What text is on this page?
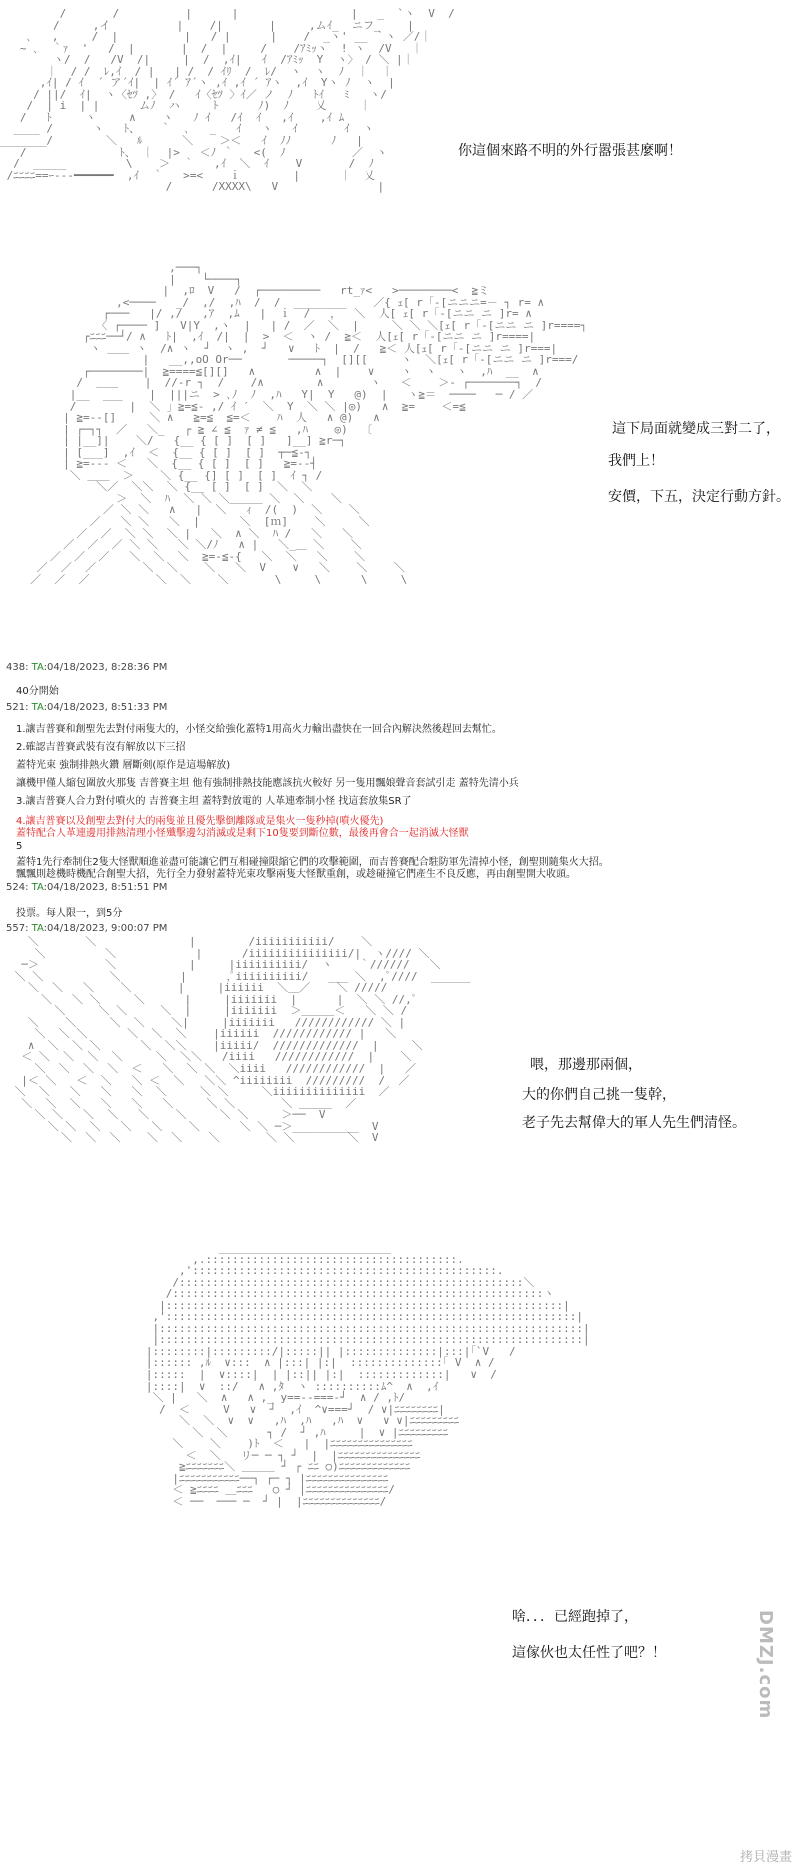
/       /          |      |                 |   _  `ヽ  V  /
/     ,イ          |    /|       |     ,ムｲ_  ニフ_    |
､   ,     /  |          |   / |      |    /  _ヽ' __ ｀ヽ ／/｜
~ ､  ｀ｧ  '   /  |       |  /  |     /    /ｱﾐｯヽ  ! ヽ  /V   ｜
ヽ/  /   /V  /|     |  /  ,ｲ|   ｲ  /ｱﾐｯ  Y  ヽ〉 / ＼ |｜
｜  / /  ﾚ,ｲ  / |   | /  / ｲﾘ  /  ﾚ/  ヽ  ヽ  ﾉ  ｜  ｜
,ｲ| / ｲ  ´ ア´ｲ|  | ｲ´ ｱ´ヽ ,ｲ ,ｲ ´ ｱヽ  ,ｲ  Yヽ ﾉ  ヽ  |
/ ||/  ｲ|  ヽ〈ｾﾂ ,〉 /   ｲ〈ｾﾂ 〉ｲ／ ノ  ﾉ   ﾄｲ   ﾐ   ヽ/
/  | i  | |      ムﾉ  ハ     ﾄ      ﾉ)  ﾉ    乂     ｜
/   ﾄ     ヽ     ∧    ヽ   ﾉ ｲ   /ｲ  ｲ   ,ｲ    ,ｲ ﾑ
____ /      ヽ   ﾄ、   ｀  ､   _   ｲ   ヽ   ｲ       ｲ  ヽ
_______/        ＼   ﾙ      ＼    ＞＜   ｲ  ﾉﾉ      ﾉ   |
/              ﾄ、 ｜  |>   ＜ﾉ ｀   <(  ﾉ          ／  ヽ
/  _____         \    ＞  ｀   ,ｲ  ＼  ｲ    V       /  ﾉ
/ﾆﾆﾆﾆ==ｰ‐‐‐━━━━━━  ,ｲ  ｀   >=<    ｉ        |      ｜  乂
/      /XXXX\   V               |
你這個來路不明的外行嚣張甚麼啊！
,───┐
|    └────┐
|  ,ﾛ  V   /  ┌─────────   rt_ｧ<   >────────<  ≧ミ
,<────   _/  ,/  ,ﾊ  /  /  ________    ／{ ｪ[ r「‐[ニニニ=－ ┐ r= ∧
┌───   |/ ,/   ,ｱ  ,ﾑ   |  ｉ  /   ，  ＼  人[ ｪ[ r「‐[ニニ ニ ]r= ∧
〈 ┌──── ]   V|Y  ,ヽ  |   | /  ／  ＼  |     ＼ ＼ ＼[ｪ[ r「‐[ニニ ニ ]r====┐
┌ﾆﾆﾆ──┘/ ∧   ﾄ|  ,ｲ  /|  |  >  ＜  ヽ /  ≧＜  人[ｪ[ r「‐[ニニ ニ ]r====|
ヽ ＿＿ ヽ  /∧ ヽ  ┘  ヽ ,  ┘   ∨   ﾄ  |  /   ≧＜ 人[ｪ[ r「‐[ニニ ニ ]r===|
|   __,,oO Or──       ─────┐  [][[     ヽ  ＼[ｪ[ r「‐[ニニ ニ ]r===/
┌────────|  ≧====≦[][]   ∧         ∧  |    ∨    ヽ  ヽ   ヽ  ,ﾊ  __  ∧
/  ＿＿    |  //‐r ┐  /    /∧        ∧       ヽ   ＜    ＞‐ ┌───────┐  /
|__  ___    |  |||ニ  > ､ﾉ  ﾉ  ,ﾊ   Y|  Y   @)  |   ヽ≧＝  ────   ─ / ／
/        |  ＼ 」≧=≦‐ ,/ ｲ ′  ＼  Y  ＼ ＼ |◎)   ∧  ≧=    ＜=≦
| ≧=‐‐[]     ＼ ∧   ≧=≦  ≦=＜    ﾊ  人   ∧ @)   ∧
| ┌─┐┐  ／   ＼_   ┌ ≧ ∠ ≦  ｧ ≠ ≦   ,ﾊ    ◎)  〔
| |__]|    ＼/   {__ { [ ]  [ ]   ]__] ≧r─┐
| [___]  ,ｲ  ＜  {__ { [ ]  [ ]  ┬─≦‐┐
| ≧=‐‐‐ ＜   ＼  {__ { [ ]  [ ]   ≧=‐‐┤
＼ ＿＿  ＞    ＼ {__ {] [ ]  [ ]  ｲ ┐ /
＼／  ＼＼  ＼ {__ [ ]  [ ]  ＼  ＼
＞  ＼  ﾊ  ＼ ＼ ＼＿＿＿ ＼  ＼    ＼
／ ＼ ＼   ∧   |  ＼   ｨ  /(  )  ＼    ＼
／   ＼ ＼   ＼  |      ＼  [ｍ]    ＼     ＼
／  ／  ＼ ＼  ＼ |   ＼  ∧ ＼  ﾊ /   ＼   ＼
／  ／  ／ ＼ ＼   ＼ ＼/ﾉ   ∧ |   ＼_＿ ＼    ＼
／  ／  ／   ＼  ＼  ＼  ≧=-≦-{   ＼  ＼   ＼    ＼
／  ／  ／       ＼  ＼    ＼   ＼  V    ∨   ＼    ＼    ＼
／  ／  ／          ＼  ＼    ＼       \     \      \     \
這下局面就變成三對二了，
我們上！
安價，下五，決定行動方針。
438: TA:04/18/2023, 8:28:36 PM
40分開始
521: TA:04/18/2023, 8:51:33 PM
1.讓吉普賽和創聖先去對付兩隻大的，小怪交給強化蓋特1用高火力輸出盡快在一回合內解決然後趕回去幫忙。
2.確認吉普賽武裝有沒有解放以下三招
蓋特光束 強制排熱火鑽 層斷剣(原作是這場解放)
讓機甲僅人縮包圍放火那隻 吉普賽主坦 他有強制排熱技能應該抗火較好 另一隻用飄娘聲音套試引走 蓋特先清小兵
3.讓吉普賽人合力對付噴火的 吉普賽主坦 蓋特對放電的 人革連牽制小怪 找這套放集SR了
4.讓吉普賽以及創聖去對付大的兩隻並且優先擊倒離隊或是集火一隻秒掉(噴火優先)
蓋特配合人革連邊用排熱清理小怪殲擊邊勾消滅或是剩下10隻要到斷位數，最後再會合一起消滅大怪獸
5
蓋特1先行牽制住2隻大怪獸順進並盡可能讓它們互相碰撞限縮它們的攻擊範圍，而吉普賽配合駐防軍先清掉小怪，創聖則隨集火大招。
飄飄則趁機時機配合創聖大招，先行全力發射蓋特光束攻擊兩隻大怪獸重創，或趁碰撞它們產生不良反應，再由創聖開大收頭。
524: TA:04/18/2023, 8:51:51 PM
投票。每人限一，到5分
557: TA:04/18/2023, 9:00:07 PM
＼       ＼              |        /iiiiiiiiiii/    ＼
＼         ＼            |      /iiiiiiiiiiiiiii/|  ヽ//// ＼
─＞          ＼           |     |iiiiiiiiii/  ヽ    ｀//////   ＼
＼ ＼          ＼         |      ,ﾟiiiiiiiiii/   ___ ＼  ,ﾟ////  ______
＼  ＼   ＼    ＼       |     |iiiiii  ＼＿／    ＼ /////
＼   ＼ ＼     ＼      |     |iiiiiii  |      |  ＼ ＼ //,ﾟ
＼     ＼ ＼     ＼  |     |iiiiiii  ＞＿＿＿＜   ＼ ＼ /
＼    ＼     ＼  ＼    ＼|     |iiiiiii   //////////// ＼ |
＼  ＼ ＼      ＼  ＼  ＼    |iiiiii  //////////// |   ＼
∧  ＼  ＼ ＼      ＼  ＼＼    |iiiii/  /////////////  |     ＼
＜ ＼  ＼  ＼  ＼     ＼  ＼＼   /iiii   ////////////  |    ＼
＼  ＼  ＼  ＼  ＜   ＼  ＼ ＼  ＼iiii   ////////////  |   ／
|＜ ＼   ＜  ＼   ＼ ＜  ＼   ＼＼ ^iiiiiiii  /////////  /  ／
＼  ＼   ＼   ＼   ＼  ＼     ＼ ＼     ＼iiiiiiiiiiiiii  ／
＼  ＼  ＼   ＼   ＼   ＼     ＼ ＼       ＼ ＿＿＿  ／
＼ ＼   ＼  ＼   ＼    ＼     ＼ ＼     ＞──  V
＼ ＼  ＼   ＼   ＼    ＼      ＼ ＼ ─＞__________  V
＼  ＼  ＼    ＼  ＼    ＼       ＼ ＼        ＼  V
喂，那邊那兩個，
大的你們自己挑一隻幹，
老子先去幫偉大的軍人先生們清怪。
__________________________
,.::::::::::::::::::::::::::::::::::::::.
,'::::::::::::::::::::::::::::::::::::::::::::::.
/::::::::::::::::::::::::::::::::::::::::::::::::::::＼
/::::::::::::::::::::::::::::::::::::::::::::::::::::::::ヽ
|::::::::::::::::::::::::::::::::::::::::::::::::::::::::::::|
,'::::::::::::::::::::::::::::::::::::::::::::::::::::::::::::::|
|::::::::::::::::::::::::::::::::::::::::::::::::::::::::::::::::|
|::::::::::::::::::::::::::::::::::::::::::::::::::::::::::::::::|
|::::::::|:::::::::/|:::::|| |::::::::::::::|:::|｢`V   /
|:::::: ,ﾙ  ∨:::  ∧ |:::| |:|  ::::::::::::::｢ V  ∧ /
|:::::  |  ∨::::|  | |::|| |:|  :::::::::::::|   ∨  /
|::::|  ∨  ::/   ∧ ,ﾀ  ヽ ::::::::::ﾑ^  ∧  ,ｲ
＼ |   ＼  ∧   ∧ ,_ y==--===‐┘  ∧ / ,ﾄ/
/  ＜     V   ∨  ┘  ,ｲ  ^∨===┘  / ∨|ﾆﾆﾆﾆﾆﾆﾆﾆ|
＼  ＼  ∨  ∨   ,ﾊ  ,ﾊ   ,ﾊ  ∨   ∨ ∨|ﾆﾆﾆﾆﾆﾆﾆﾆﾆ
＼  ＼      ┐ /  ┘ ,ﾊ     |  ∨ |ﾆﾆﾆﾆﾆﾆﾆﾆﾆ
＼    ＼    )ﾄ  ＜   |  |ﾆﾆﾆﾆﾆﾆﾆﾆﾆﾆﾆﾆﾆﾆﾆ
＜  ＼   リ─ ─ ┐ ┘  |  |ﾆﾆﾆﾆﾆﾆﾆﾆﾆﾆﾆﾆﾆﾆﾆ
≧ﾆﾆﾆﾆﾆﾆﾆ＼ ＿＿＿ ┘ ┌ ﾆﾆ ○)ﾆﾆﾆﾆﾆﾆﾆﾆﾆﾆﾆﾆﾆ
|ﾆﾆﾆﾆﾆﾆﾆﾆﾆﾆﾆ──┐ ┌─ ┐ |ﾆﾆﾆﾆﾆﾆﾆﾆﾆﾆﾆﾆﾆﾆﾆ
＜ ≧ﾆﾆﾆﾆ ＿ﾆﾆﾆ   ○ ┘ |ﾆﾆﾆﾆﾆﾆﾆﾆﾆﾆﾆﾆﾆﾆﾆ/
＜ ──  ─── ─  ┘ |  |ﾆﾆﾆﾆﾆﾆﾆﾆﾆﾆﾆﾆﾆﾆ/
啥．．．已經跑掉了，
這傢伙也太任性了吧？！	DMZJ.com
拷貝漫畫
